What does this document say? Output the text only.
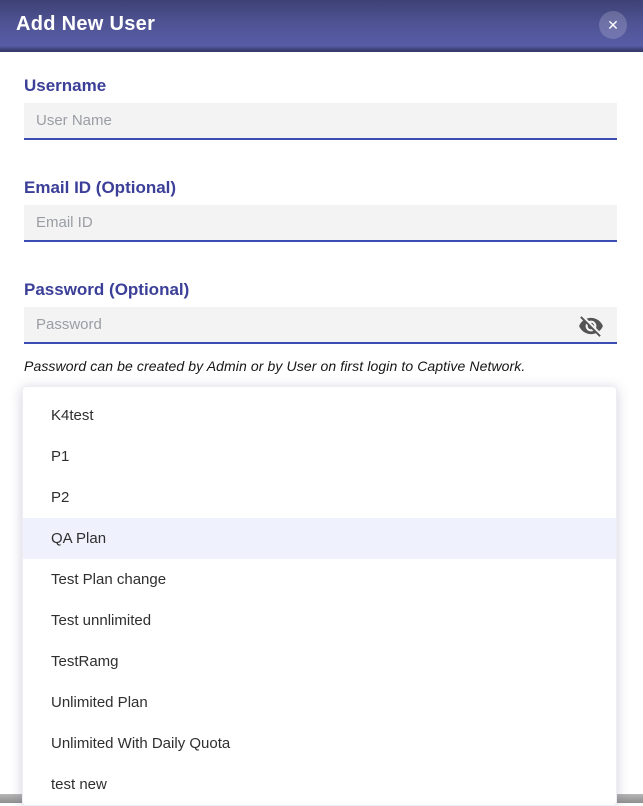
Add New User	✕
Username
User Name
Email ID (Optional)
Email ID
Password (Optional)
Password
Password can be created by Admin or by User on first login to Captive Network.
K4test
P1
P2
QA Plan
Test Plan change
Test unnlimited
TestRamg
Unlimited Plan
Unlimited With Daily Quota
test new
